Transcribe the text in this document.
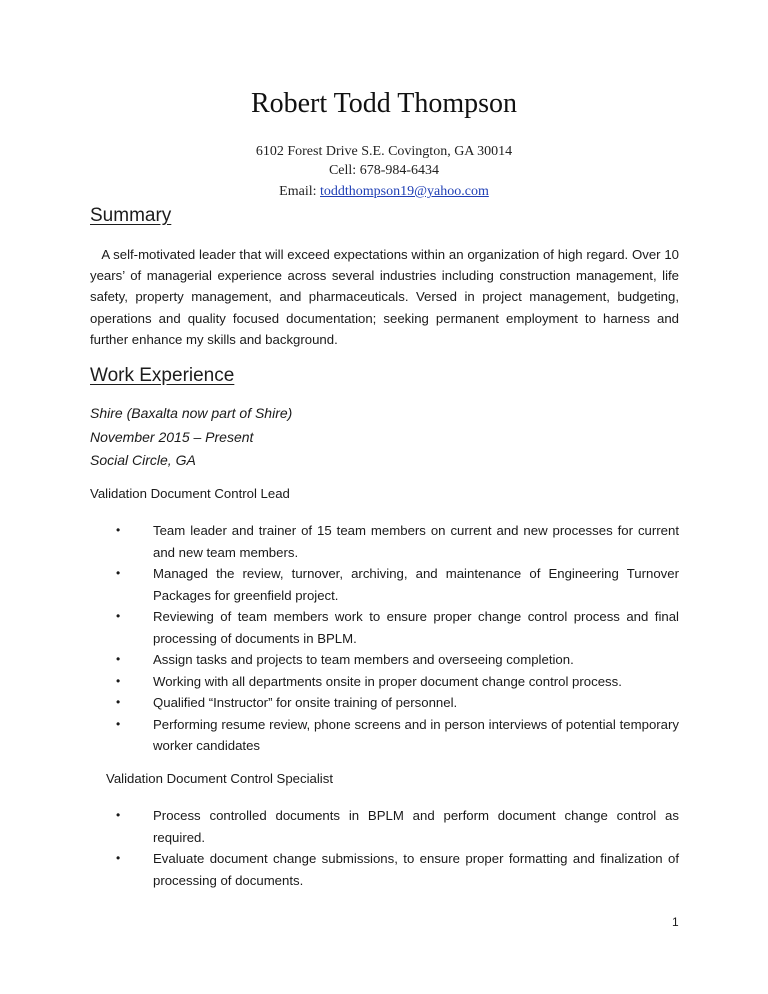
Robert Todd Thompson
6102 Forest Drive S.E. Covington, GA 30014
Cell: 678-984-6434
Email: toddthompson19@yahoo.com
Summary

A self-motivated leader that will exceed expectations within an organization of high regard. Over 10 years’ of managerial experience across several industries including construction management, life safety, property management, and pharmaceuticals. Versed in project management, budgeting, operations and quality focused documentation; seeking permanent employment to harness and further enhance my skills and background.

Work Experience
Shire (Baxalta now part of Shire)
November 2015 – Present
Social Circle, GA
Validation Document Control Lead
• Team leader and trainer of 15 team members on current and new processes for current and new team members.
• Managed the review, turnover, archiving, and maintenance of Engineering Turnover Packages for greenfield project.
• Reviewing of team members work to ensure proper change control process and final processing of documents in BPLM.
• Assign tasks and projects to team members and overseeing completion.
• Working with all departments onsite in proper document change control process.
• Qualified “Instructor” for onsite training of personnel.
• Performing resume review, phone screens and in person interviews of potential temporary worker candidates
Validation Document Control Specialist
• Process controlled documents in BPLM and perform document change control as required.
• Evaluate document change submissions, to ensure proper formatting and finalization of processing of documents.
1
